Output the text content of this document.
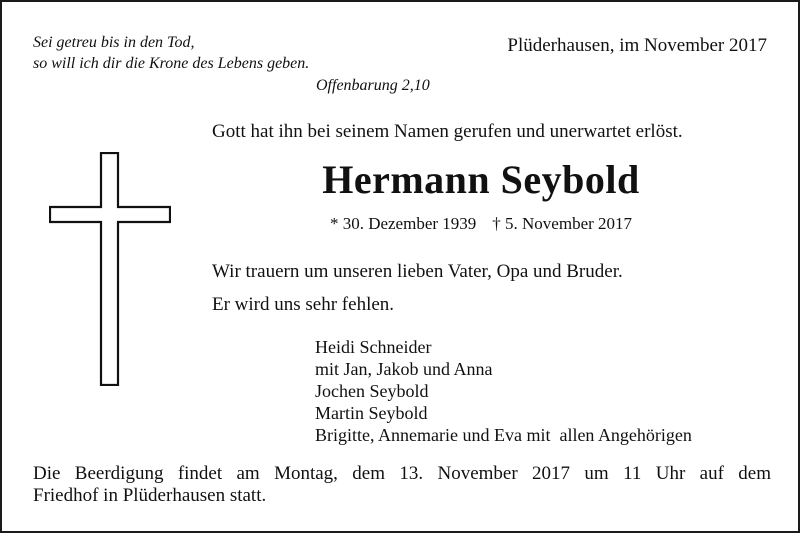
Sei getreu bis in den Tod,
so will ich dir die Krone des Lebens geben.
Offenbarung 2,10
Plüderhausen, im November 2017
Gott hat ihn bei seinem Namen gerufen und unerwartet erlöst.
Hermann Seybold
* 30. Dezember 1939 † 5. November 2017
Wir trauern um unseren lieben Vater, Opa und Bruder.
Er wird uns sehr fehlen.
Heidi Schneider
mit Jan, Jakob und Anna
Jochen Seybold
Martin Seybold
Brigitte, Annemarie und Eva mit  allen Angehörigen
Die Beerdigung findet am Montag, dem 13. November 2017 um 11 Uhr auf dem
Friedhof in Plüderhausen statt.
